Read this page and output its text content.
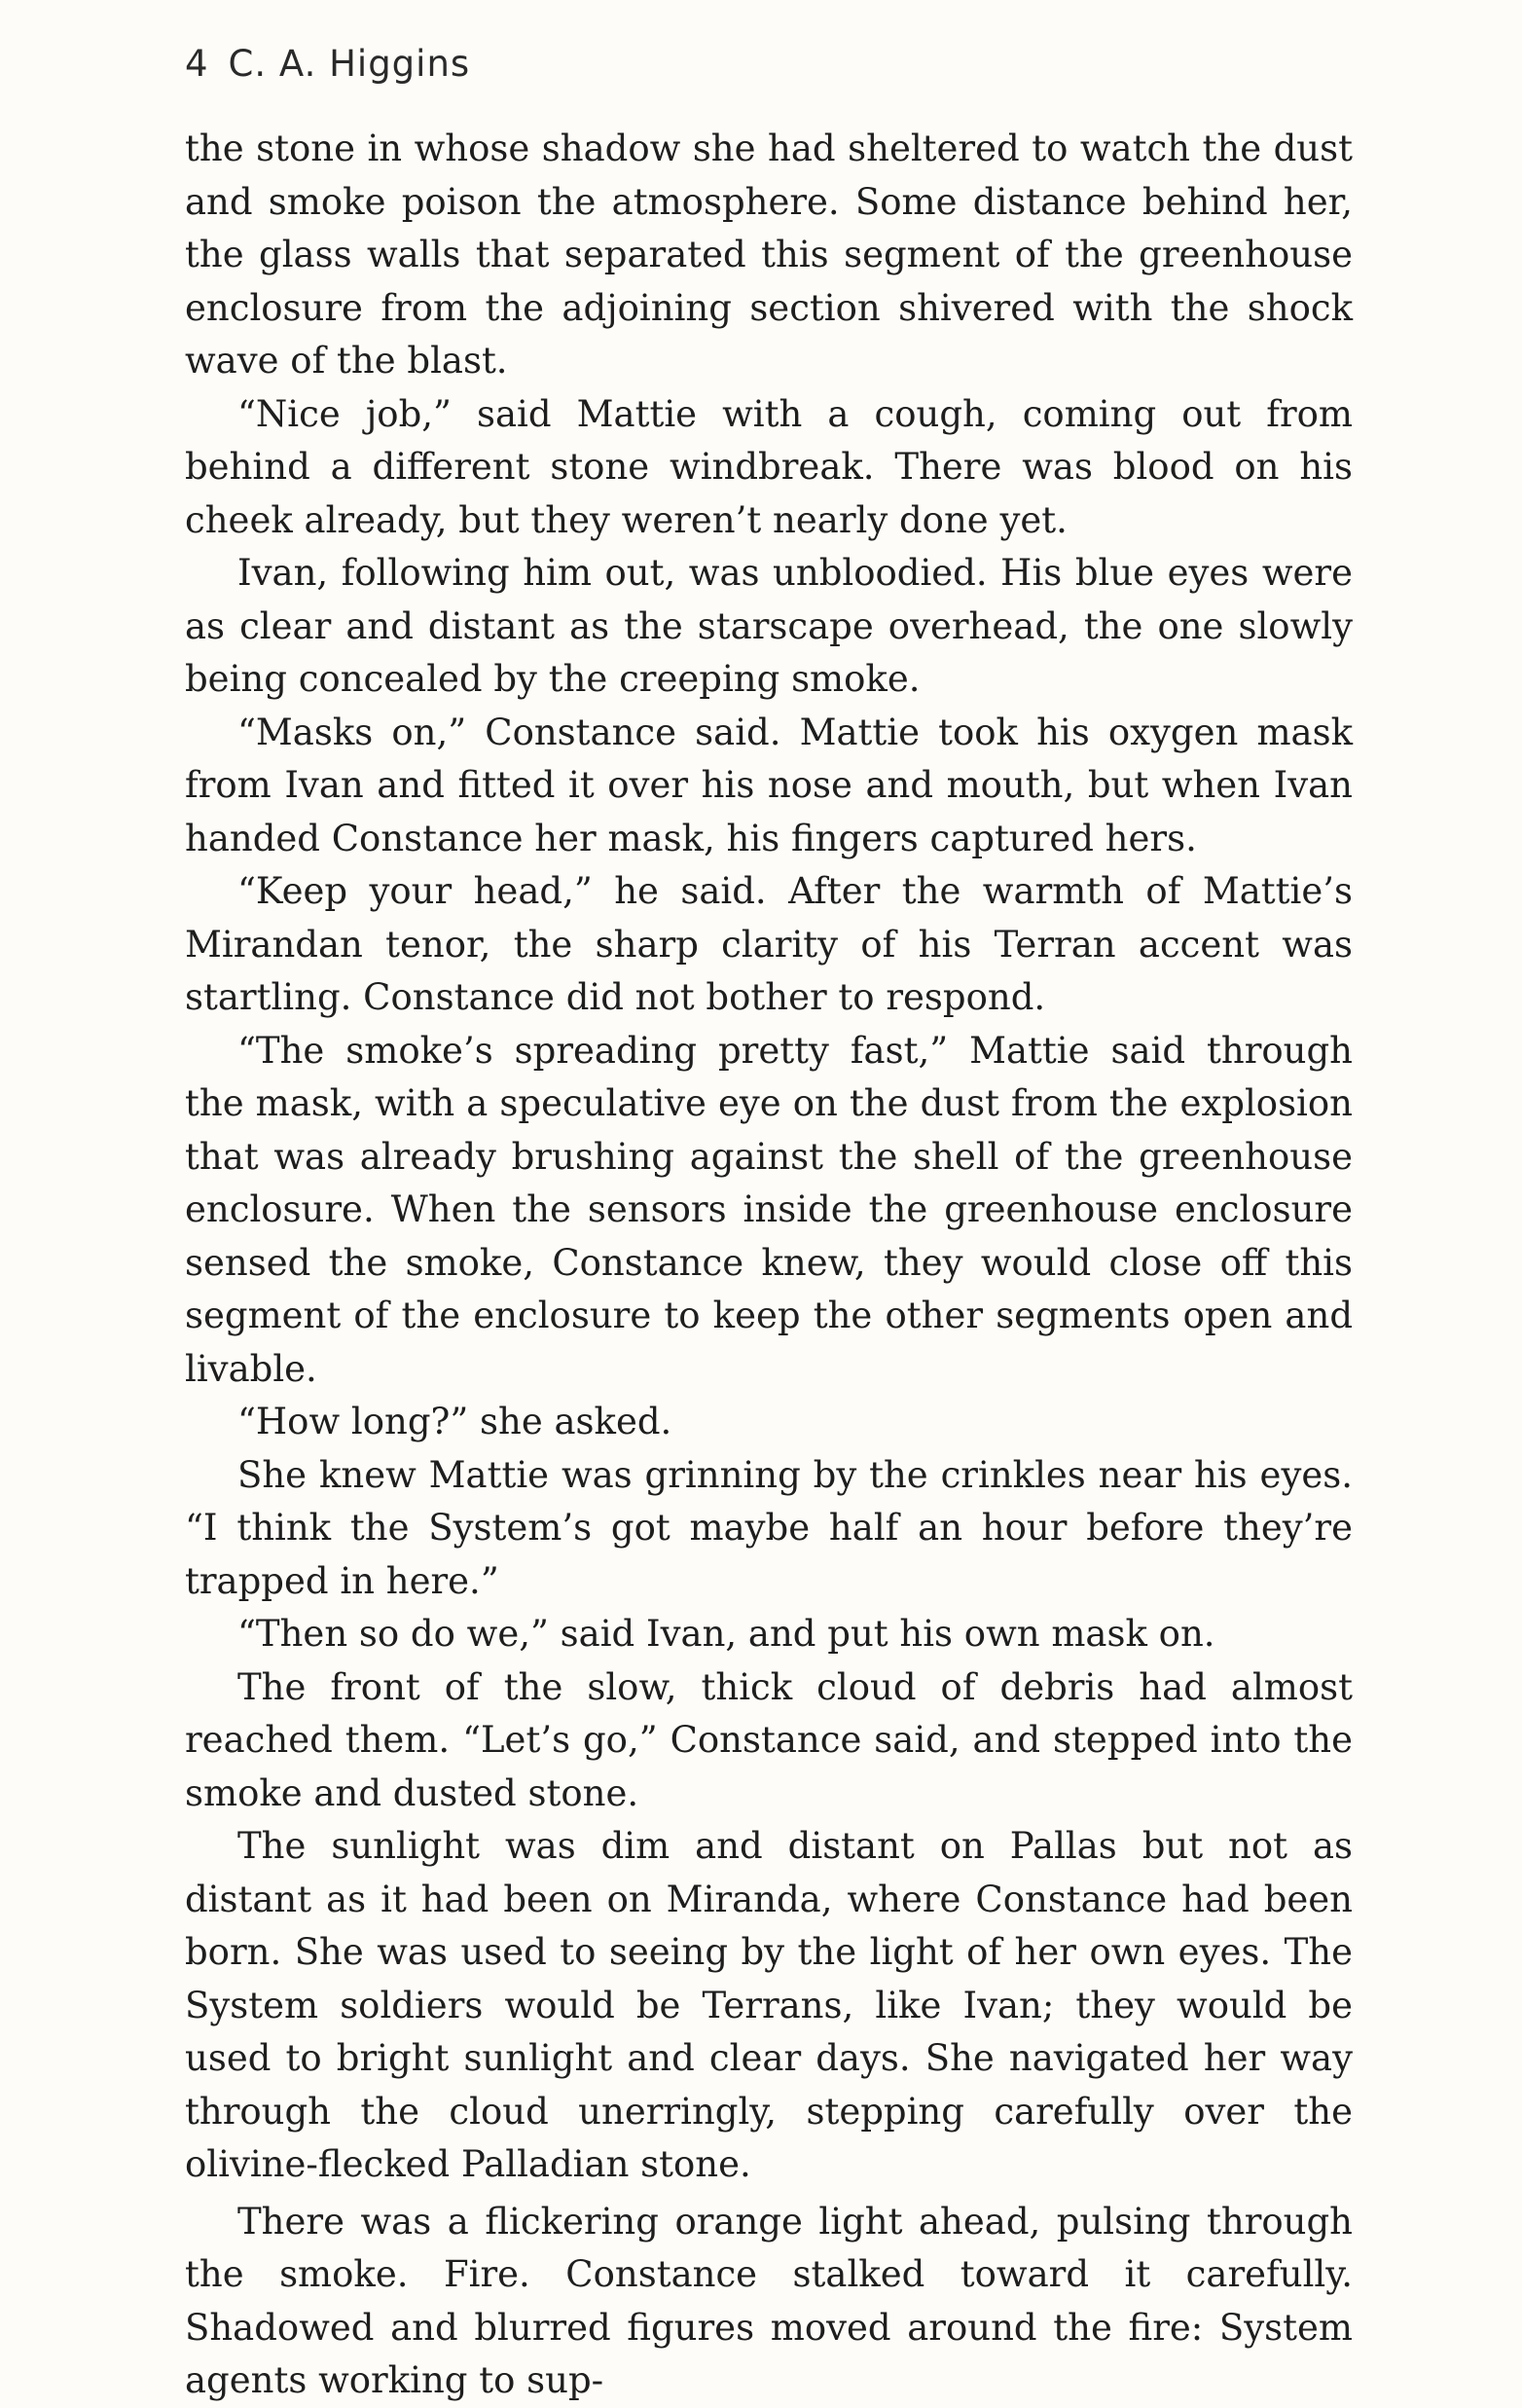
4 C. A. Higgins

the stone in whose shadow she had sheltered to watch the dust and smoke poison the atmosphere. Some distance behind her, the glass walls that separated this segment of the greenhouse enclosure from the adjoining section shivered with the shock wave of the blast.

“Nice job,” said Mattie with a cough, coming out from behind a different stone windbreak. There was blood on his cheek already, but they weren’t nearly done yet.

Ivan, following him out, was unbloodied. His blue eyes were as clear and distant as the starscape overhead, the one slowly being concealed by the creeping smoke.

“Masks on,” Constance said. Mattie took his oxygen mask from Ivan and fitted it over his nose and mouth, but when Ivan handed Constance her mask, his fingers captured hers.

“Keep your head,” he said. After the warmth of Mattie’s Mirandan tenor, the sharp clarity of his Terran accent was startling. Constance did not bother to respond.

“The smoke’s spreading pretty fast,” Mattie said through the mask, with a speculative eye on the dust from the explosion that was already brushing against the shell of the greenhouse enclosure. When the sensors inside the greenhouse enclosure sensed the smoke, Constance knew, they would close off this segment of the enclosure to keep the other segments open and livable.

“How long?” she asked.

She knew Mattie was grinning by the crinkles near his eyes. “I think the System’s got maybe half an hour before they’re trapped in here.”

“Then so do we,” said Ivan, and put his own mask on.

The front of the slow, thick cloud of debris had almost reached them. “Let’s go,” Constance said, and stepped into the smoke and dusted stone.

The sunlight was dim and distant on Pallas but not as distant as it had been on Miranda, where Constance had been born. She was used to seeing by the light of her own eyes. The System soldiers would be Terrans, like Ivan; they would be used to bright sunlight and clear days. She navigated her way through the cloud unerringly, stepping carefully over the olivine-flecked Palladian stone.

There was a flickering orange light ahead, pulsing through the smoke. Fire. Constance stalked toward it carefully. Shadowed and blurred figures moved around the fire: System agents working to sup-
